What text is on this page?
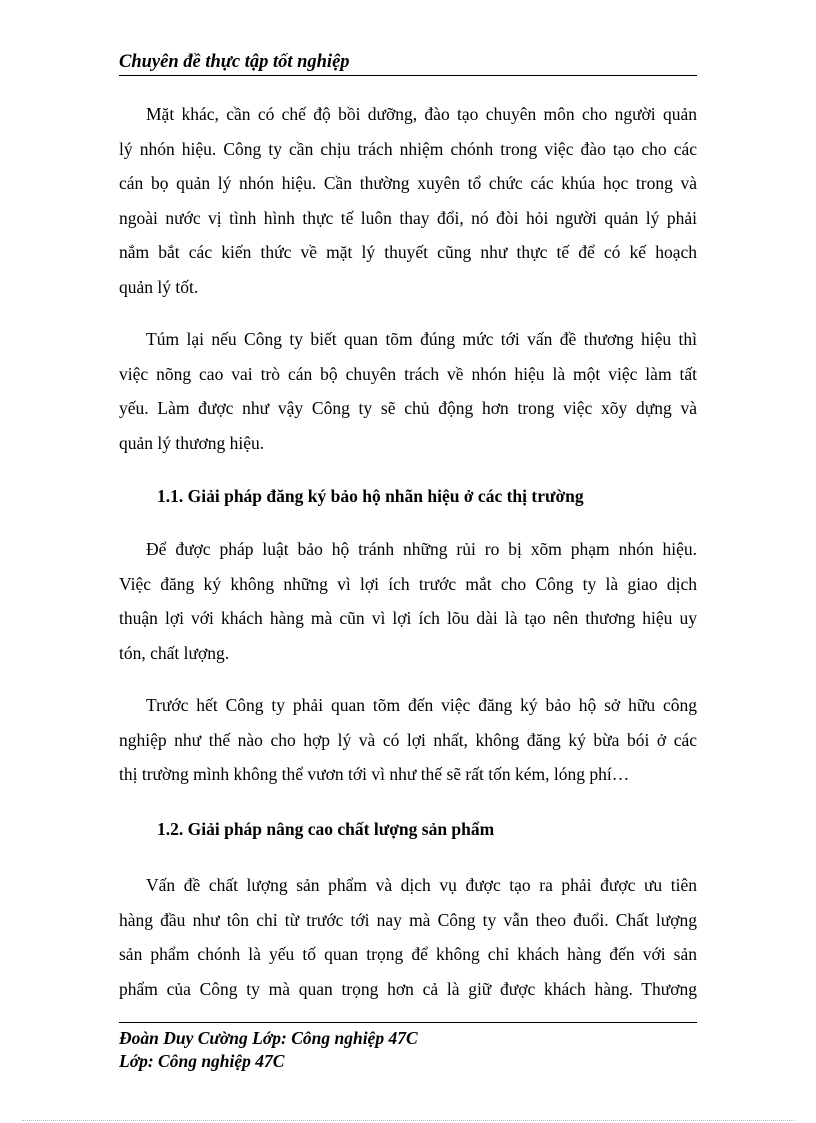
Chuyên đề thực tập tốt nghiệp
Mặt khác, cần có chế độ bồi dưỡng, đào tạo chuyên môn cho người quản
lý nhón hiệu. Công ty cần chịu trách nhiệm chónh trong việc đào tạo cho các
cán bọ quản lý nhón hiệu. Cần thường xuyên tổ chức các khúa học trong và
ngoài nước vị tình hình thực tế luôn thay đổi, nó đòi hỏi người quản lý phải
nắm bắt các kiến thức về mặt lý thuyết cũng như thực tế để có kế hoạch
quản lý tốt.
Túm lại nếu Công ty biết quan tõm đúng mức tới vấn đề thương hiệu thì
việc nõng cao vai trò cán bộ chuyên trách về nhón hiệu là một việc làm tất
yếu. Làm được như vậy Công ty sẽ chủ động hơn trong việc xõy dựng và
quản lý thương hiệu.
1.1. Giải pháp đăng ký bảo hộ nhãn hiệu ở các thị trường
Để được pháp luật bảo hộ tránh những rủi ro bị xõm phạm nhón hiệu.
Việc đăng ký không những vì lợi ích trước mắt cho Công ty là giao dịch
thuận lợi với khách hàng mà cũn vì lợi ích lõu dài là tạo nên thương hiệu uy
tón, chất lượng.
Trước hết Công ty phải quan tõm đến việc đăng ký bảo hộ sở hữu công
nghiệp như thế nào cho hợp lý và có lợi nhất, không đăng ký bừa bói ở các
thị trường mình không thể vươn tới vì như thế sẽ rất tốn kém, lóng phí…
1.2. Giải pháp nâng cao chất lượng sản phẩm
Vấn đề chất lượng sản phẩm và dịch vụ được tạo ra phải được ưu tiên
hàng đầu như tôn chỉ từ trước tới nay mà Công ty vẫn theo đuổi. Chất lượng
sản phẩm chónh là yếu tố quan trọng để không chỉ khách hàng đến với sản
phẩm của Công ty mà quan trọng hơn cả là giữ được khách hàng. Thương
Đoàn Duy Cường Lớp: Công nghiệp 47C
Lớp: Công nghiệp 47C
